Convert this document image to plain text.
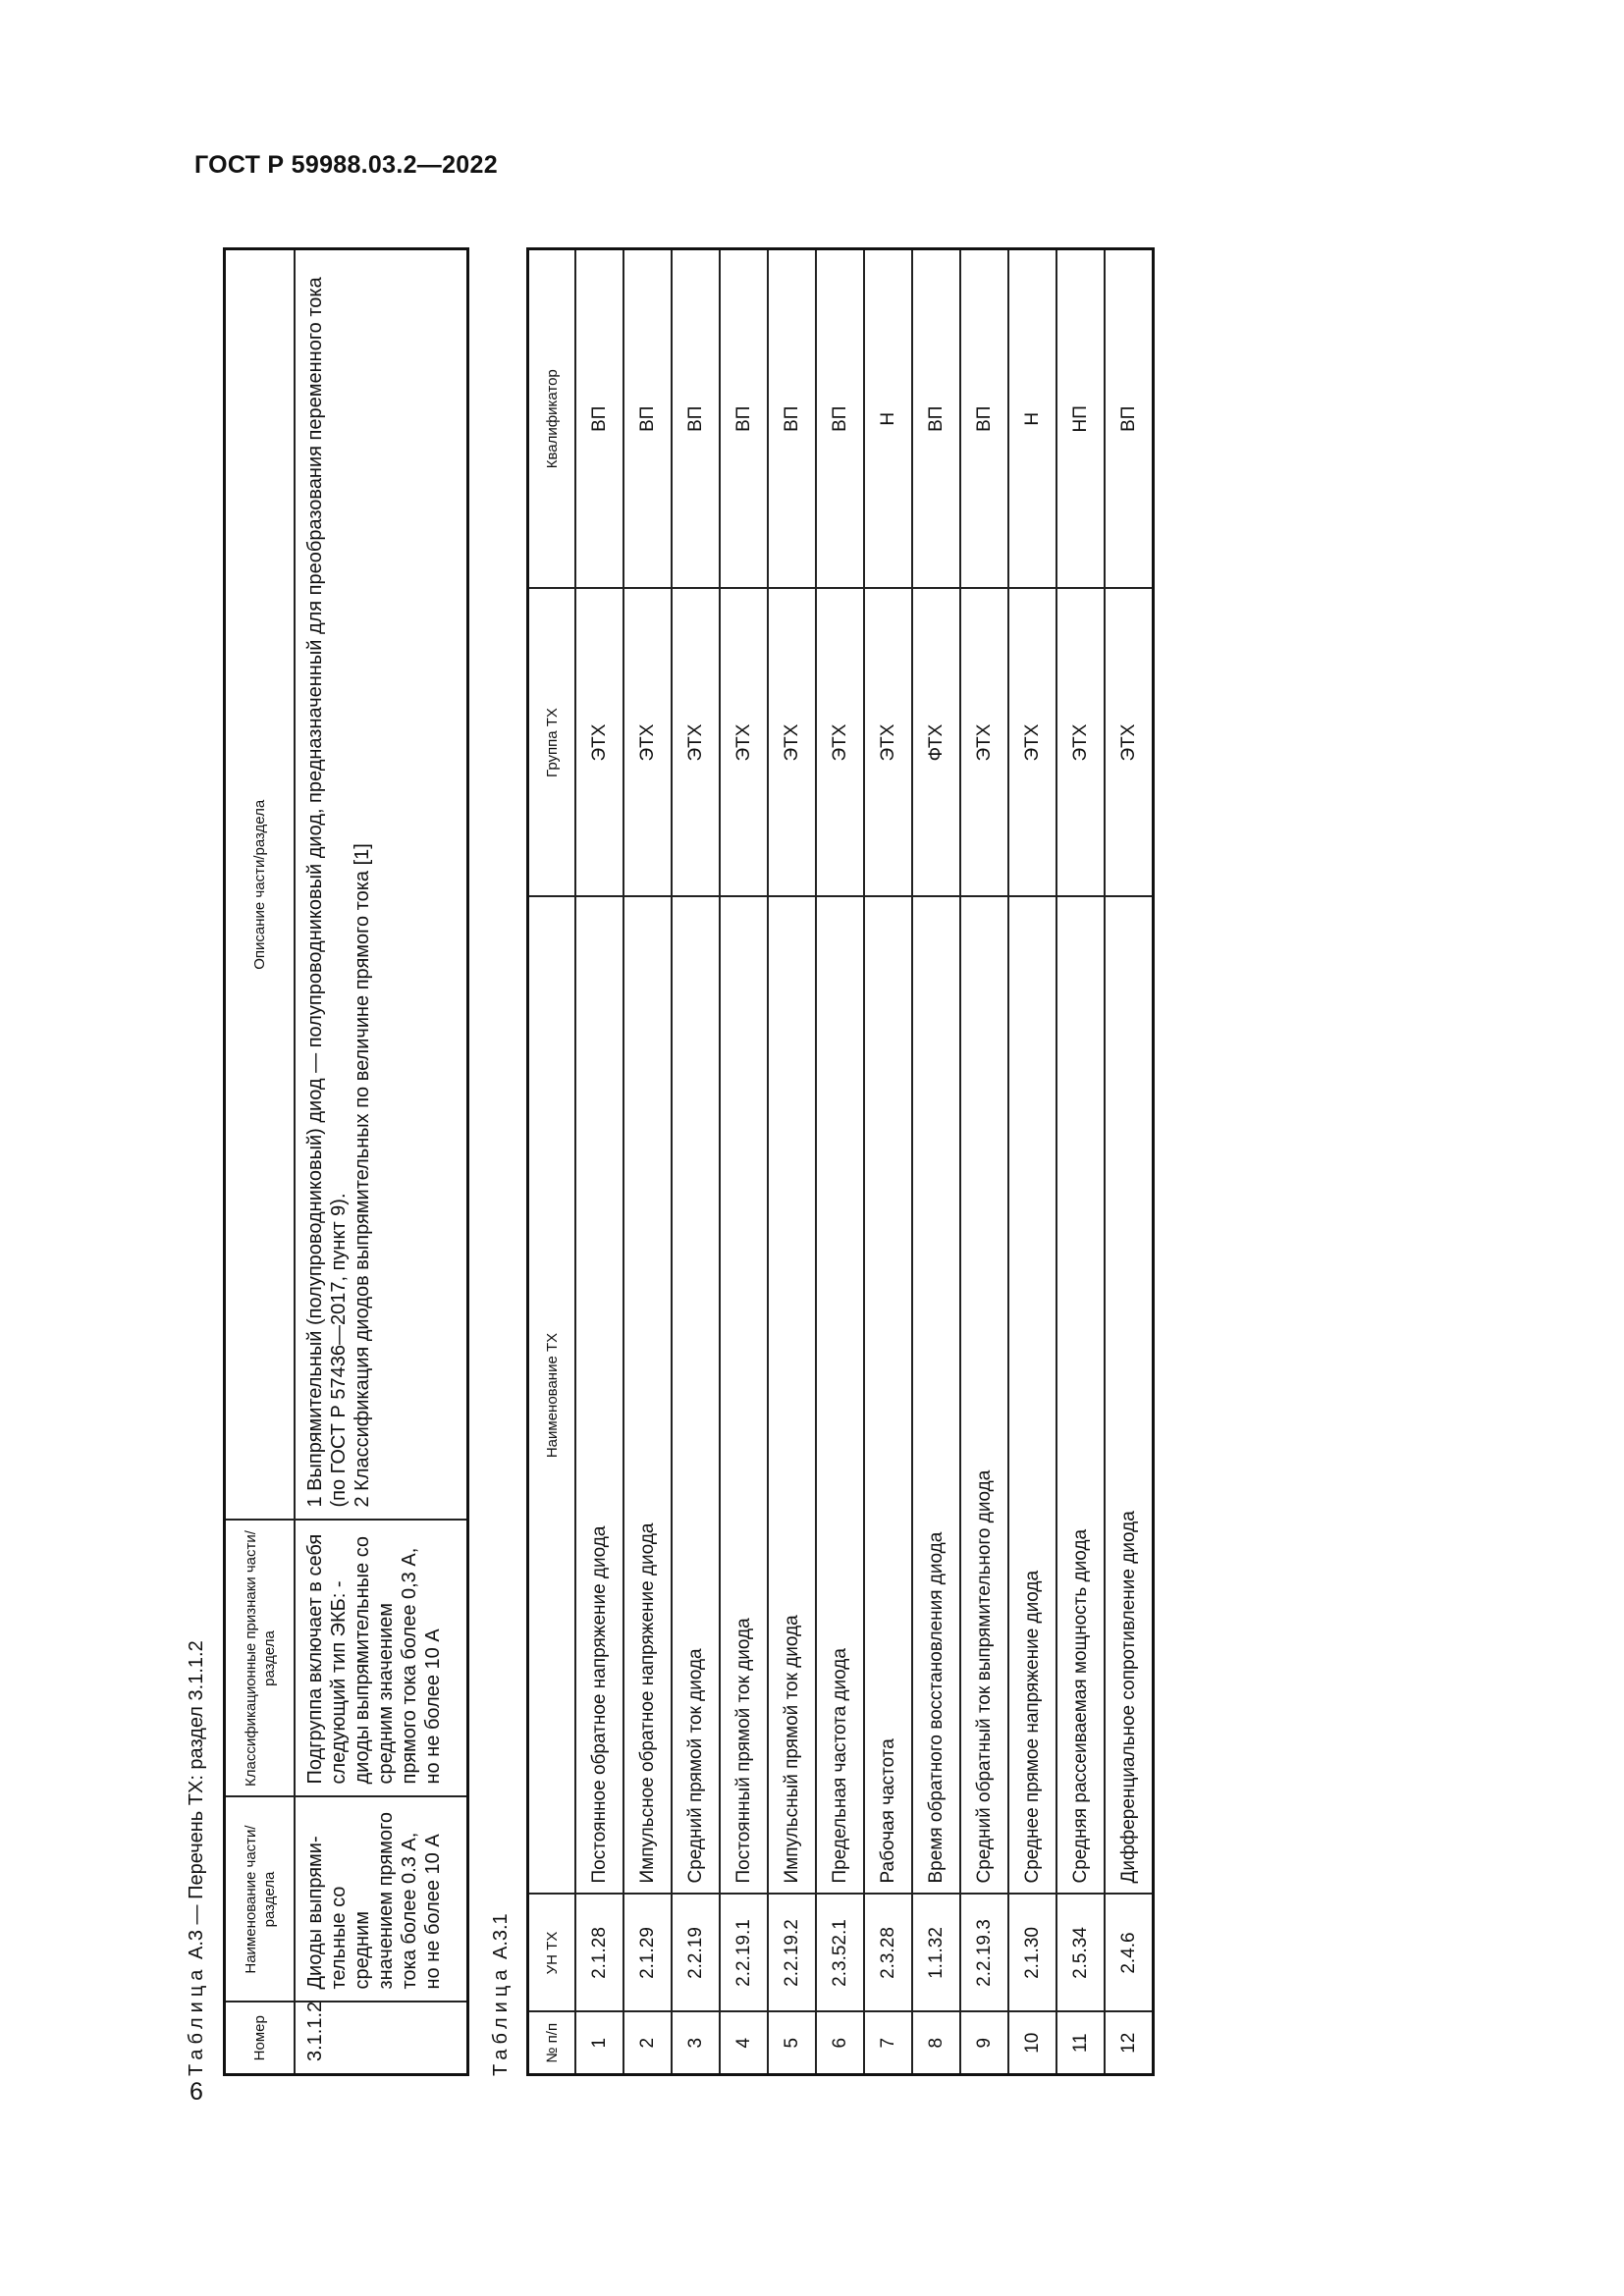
ГОСТ Р 59988.03.2—2022
6
Таблица А.3 — Перечень ТХ: раздел 3.1.1.2
Номер	Наименование части/ раздела	Классификационные признаки части/ раздела	Описание части/раздела
3.1.1.2	Диоды выпрямительные со средним значением прямого тока более 0.3 А, но не более 10 А	Подгруппа включает в себя следующий тип ЭКБ: - диоды выпрямительные со средним значением прямого тока более 0,3 А, но не более 10 А	1 Выпрямительный (полупроводниковый) диод — полупроводниковый диод, предназначенный для преобразования переменного тока (по ГОСТ Р 57436—2017, пункт 9). 2 Классификация диодов выпрямительных по величине прямого тока [1]
Таблица А.3.1
№ п/п	УН ТХ	Наименование ТХ	Группа ТХ	Квалификатор
1	2.1.28	Постоянное обратное напряжение диода	ЭТХ	ВП
2	2.1.29	Импульсное обратное напряжение диода	ЭТХ	ВП
3	2.2.19	Средний прямой ток диода	ЭТХ	ВП
4	2.2.19.1	Постоянный прямой ток диода	ЭТХ	ВП
5	2.2.19.2	Импульсный прямой ток диода	ЭТХ	ВП
6	2.3.52.1	Предельная частота диода	ЭТХ	ВП
7	2.3.28	Рабочая частота	ЭТХ	Н
8	1.1.32	Время обратного восстановления диода	ФТХ	ВП
9	2.2.19.3	Средний обратный ток выпрямительного диода	ЭТХ	ВП
10	2.1.30	Среднее прямое напряжение диода	ЭТХ	Н
11	2.5.34	Средняя рассеиваемая мощность диода	ЭТХ	НП
12	2.4.6	Дифференциальное сопротивление диода	ЭТХ	ВП
